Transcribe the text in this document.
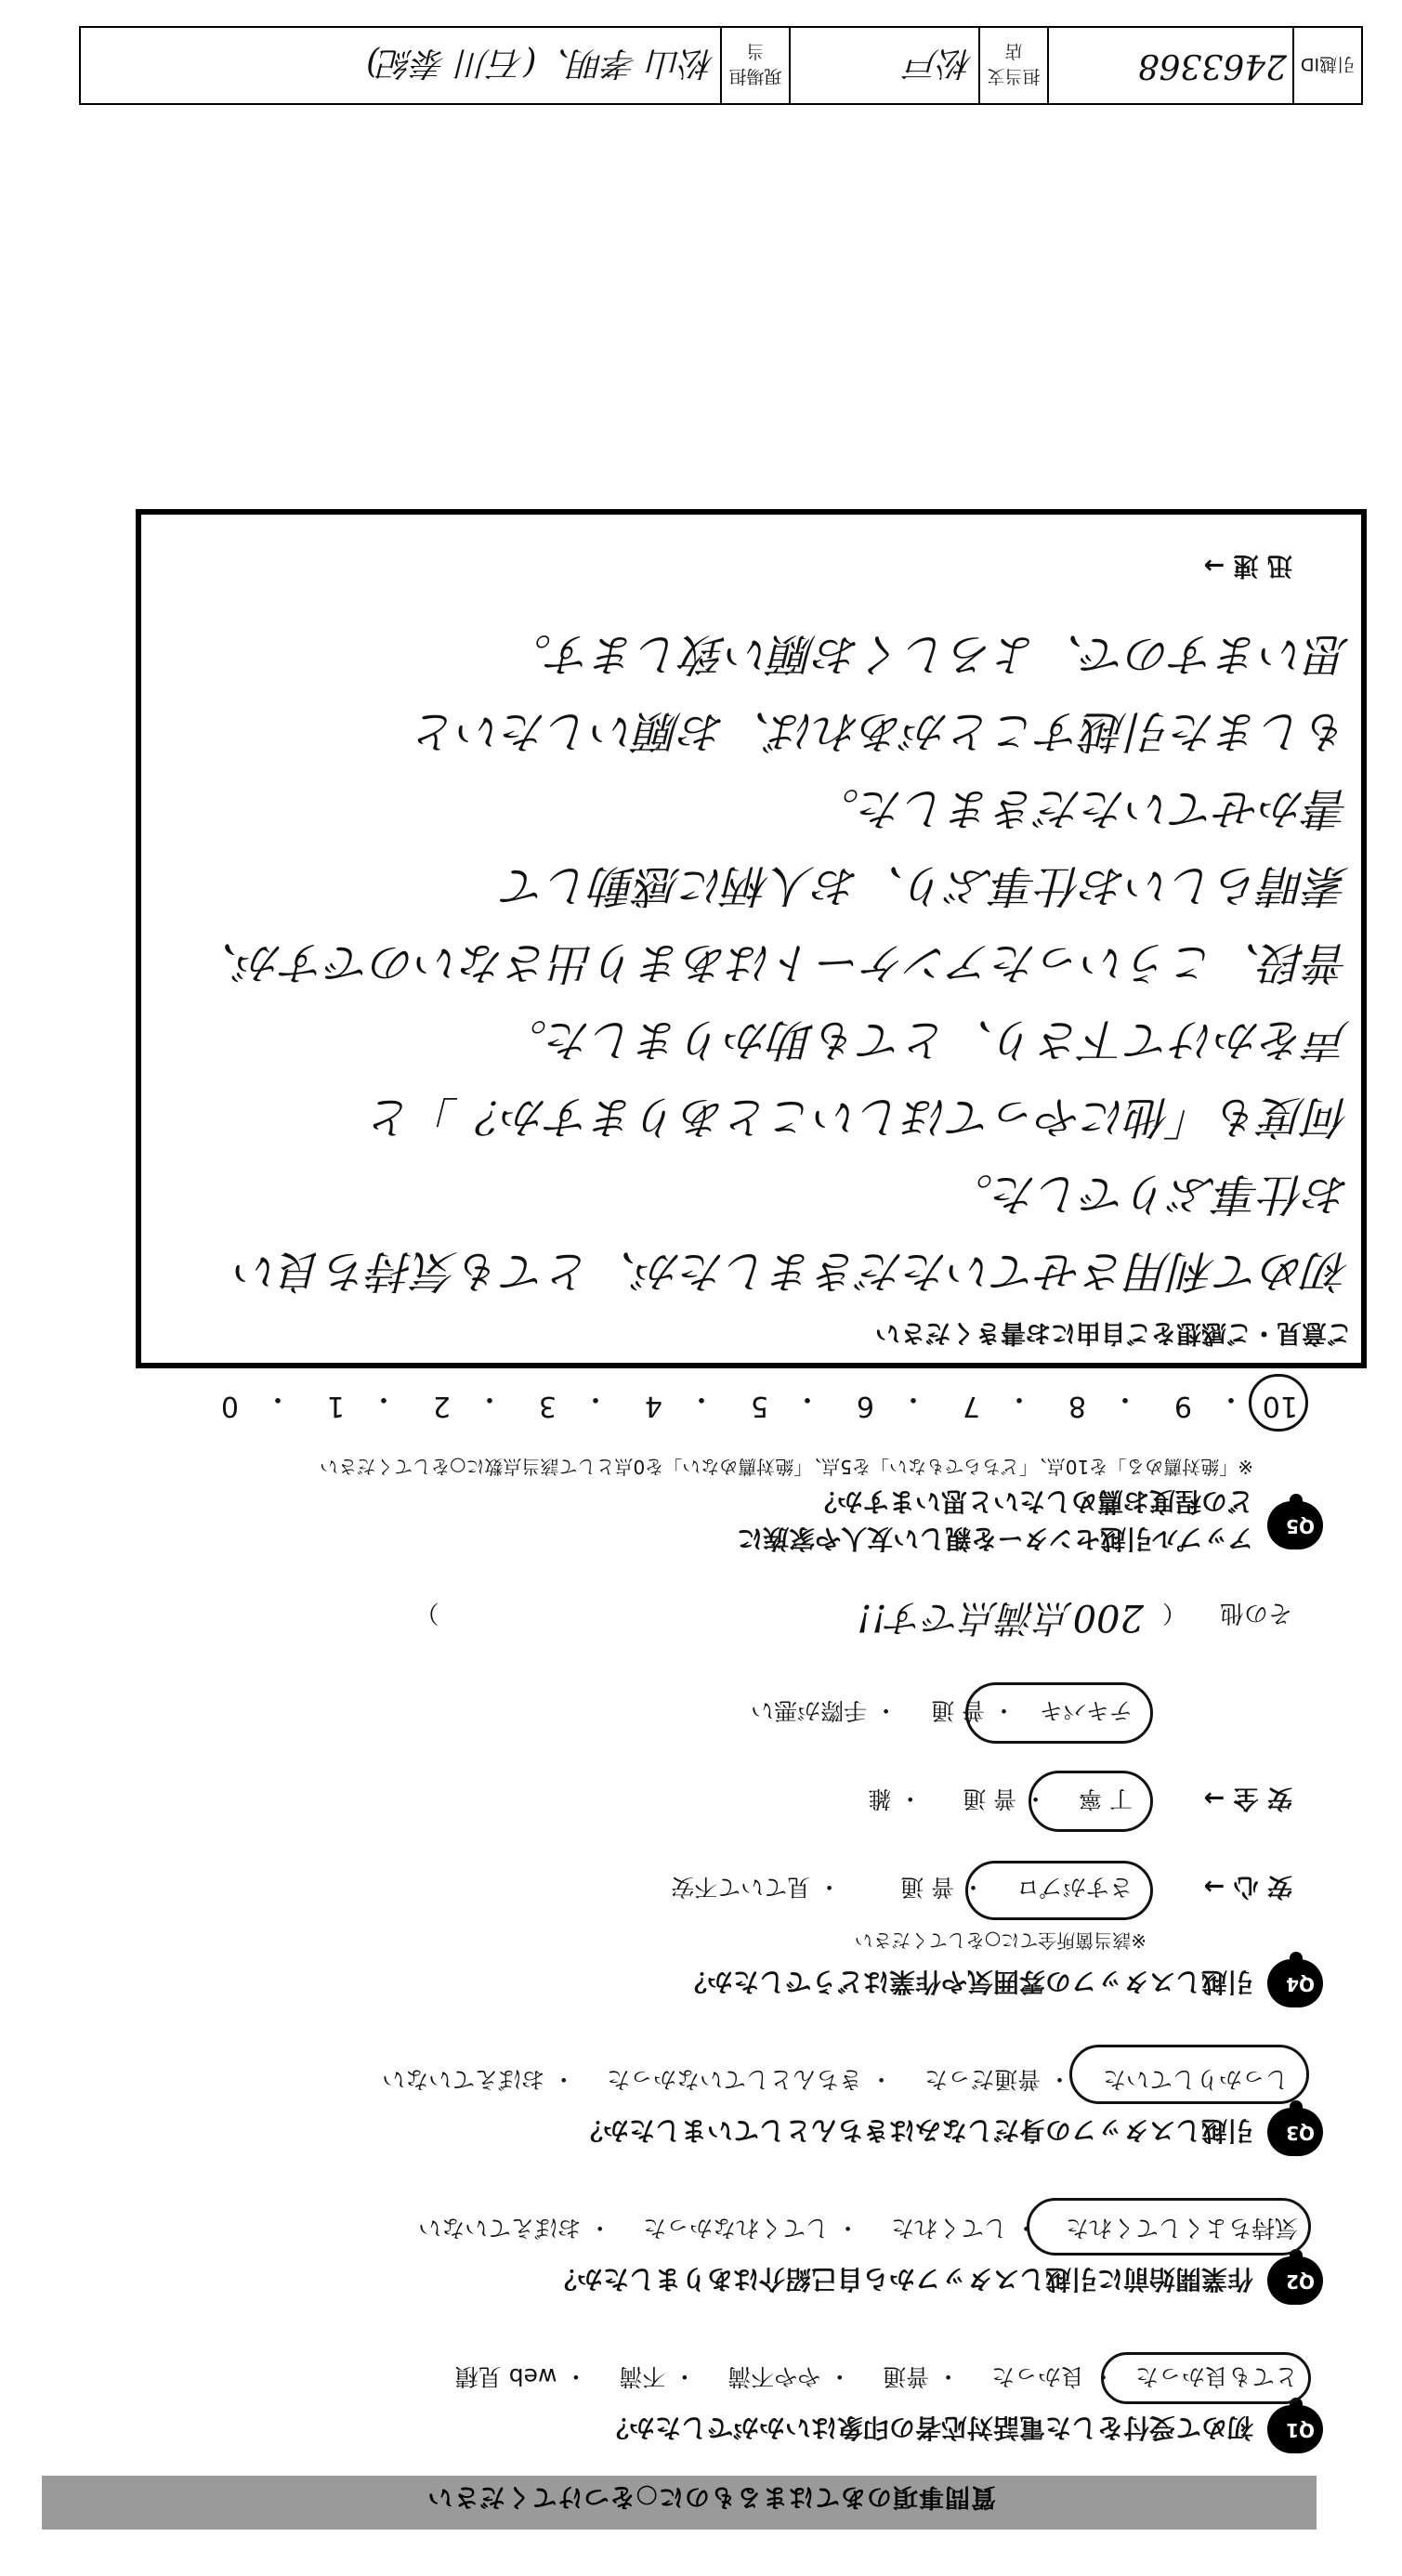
質問事項のあてはまるものに○をつけてください
Q1
初めて受付をした電話対応者の印象はいかがでしたか？
とても良かった ・ 良かった ・ 普通 ・ やや不満 ・ 不満 ・ web 見積
Q2
作業開始前に引越しスタッフから自己紹介はありましたか？
気持ちよくしてくれた ・ してくれた ・ してくれなかった ・ おぼえていない
Q3
引越しスタッフの身だしなみはきちんとしていましたか？
しっかりしていた ・ 普通だった ・ きちんとしていなかった ・ おぼえていない
Q4
引越しスタッフの雰囲気や作業はどうでしたか？
※該当箇所全てに○をしてください
安 心 →
さすがプロ ・ 普 通 ・ 見ていて不安
安 全 →
丁 寧 ・ 普 通 ・ 雑
Q5
アップル引越センターを親しい友人や家族に
どの程度お薦めしたいと思いますか？
※「絶対薦める」を10点、「どちらでもない」を5点、「絶対薦めない」を0点として該当点数に○をしてください
10
・
9
・
8
・
7
・
6
・
5
・
4
・
3
・
2
・
1
・
0
ご意見・ご感想をご自由にお書きください
初めて利用させていただきましたが、とても気持ち良い
お仕事ぶりでした。
何度も「他にやってほしいことありますか？」と
声をかけて下さり、とても助かりました。
普段、こういったアンケートはあまり出さないのですが、
素晴らしいお仕事ぶり、お人柄に感動して
書かせていただきました。
もしまた引越すことがあれば、お願いしたいと
思いますので、よろしくお願い致します。
引越ID	2463368	担当支店	松戸	現場担当	松山 孝明、(石川 泰紀)
迅 速 →
テキパキ・ 普 通・ 手際が悪い
その他（200点満点です!!）
